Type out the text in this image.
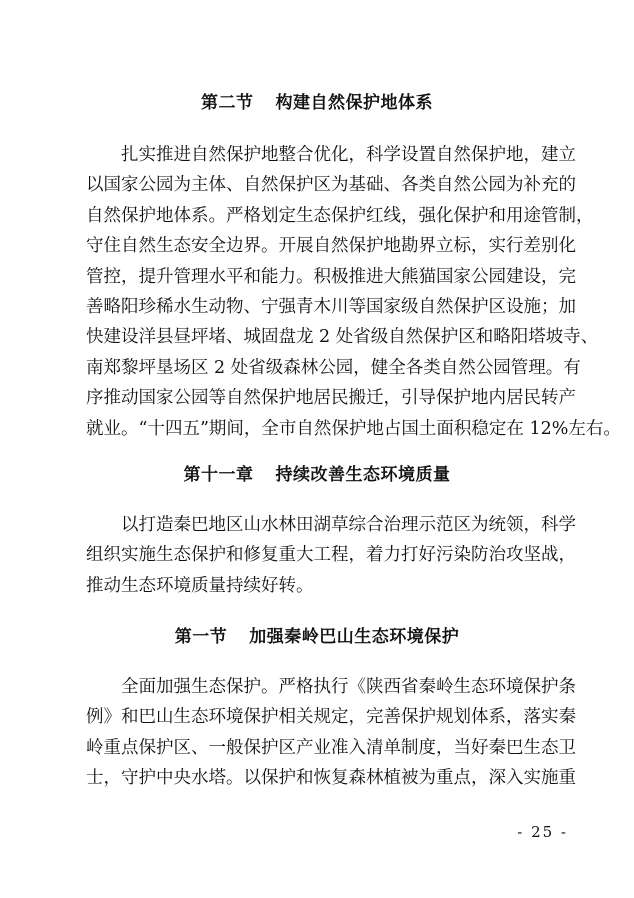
第二节 构建自然保护地体系

扎实推进自然保护地整合优化，科学设置自然保护地，建立
以国家公园为主体、自然保护区为基础、各类自然公园为补充的
自然保护地体系。严格划定生态保护红线，强化保护和用途管制，
守住自然生态安全边界。开展自然保护地勘界立标，实行差别化
管控，提升管理水平和能力。积极推进大熊猫国家公园建设，完
善略阳珍稀水生动物、宁强青木川等国家级自然保护区设施；加
快建设洋县昼坪堵、城固盘龙 2 处省级自然保护区和略阳塔坡寺、
南郑黎坪垦场区 2 处省级森林公园，健全各类自然公园管理。有
序推动国家公园等自然保护地居民搬迁，引导保护地内居民转产
就业。“十四五”期间，全市自然保护地占国土面积稳定在 12%左右。

第十一章 持续改善生态环境质量

以打造秦巴地区山水林田湖草综合治理示范区为统领，科学
组织实施生态保护和修复重大工程，着力打好污染防治攻坚战，
推动生态环境质量持续好转。

第一节 加强秦岭巴山生态环境保护

全面加强生态保护。严格执行《陕西省秦岭生态环境保护条
例》和巴山生态环境保护相关规定，完善保护规划体系，落实秦
岭重点保护区、一般保护区产业准入清单制度，当好秦巴生态卫
士，守护中央水塔。以保护和恢复森林植被为重点，深入实施重

- 25 -
